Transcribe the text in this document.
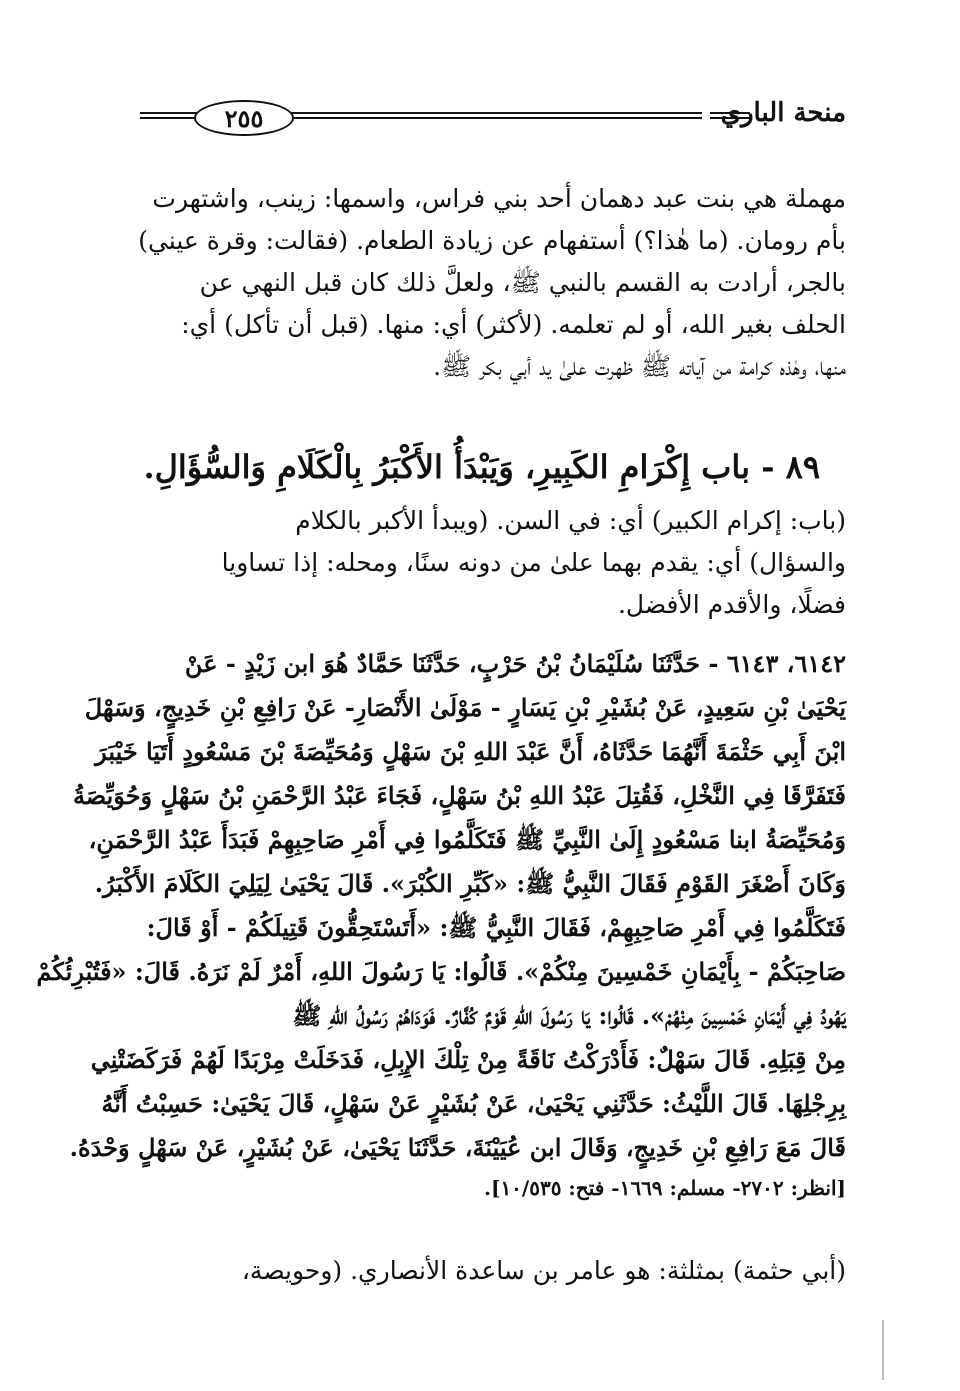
٢٥٥	منحة الباري
مهملة هي بنت عبد دهمان أحد بني فراس، واسمها: زينب، واشتهرت
بأم رومان. (ما هٰذا؟) أستفهام عن زيادة الطعام. (فقالت: وقرة عيني)
بالجر، أرادت به القسم بالنبي ﷺ، ولعلَّ ذلك كان قبل النهي عن
الحلف بغير الله، أو لم تعلمه. (لأكثر) أي: منها. (قبل أن تأكل) أي:
منها، وهٰذه كرامة من آياته ﷺ ظهرت علىٰ يد أبي بكر ﷺ.
٨٩ - باب إِكْرَامِ الكَبِيرِ، وَيَبْدَأُ الأَكْبَرُ بِالْكَلَامِ وَالسُّؤَالِ.
(باب: إكرام الكبير) أي: في السن. (ويبدأ الأكبر بالكلام
والسؤال) أي: يقدم بهما علىٰ من دونه سنًا، ومحله: إذا تساويا
فضلًا، والأقدم الأفضل.
٦١٤٢، ٦١٤٣ - حَدَّثَنَا سُلَيْمَانُ بْنُ حَرْبٍ، حَدَّثَنَا حَمَّادٌ هُوَ ابن زَيْدٍ - عَنْ
يَحْيَىٰ بْنِ سَعِيدٍ، عَنْ بُشَيْرِ بْنِ يَسَارٍ - مَوْلَىٰ الأَنْصَارِ- عَنْ رَافِعِ بْنِ خَدِيجٍ، وَسَهْلَ
ابْنَ أَبِي حَثْمَةَ أَنَّهُمَا حَدَّثَاهُ، أَنَّ عَبْدَ اللهِ بْنَ سَهْلٍ وَمُحَيِّصَةَ بْنَ مَسْعُودٍ أَتَيَا خَيْبَرَ
فَتَفَرَّقَا فِي النَّخْلِ، فَقُتِلَ عَبْدُ اللهِ بْنُ سَهْلٍ، فَجَاءَ عَبْدُ الرَّحْمَنِ بْنُ سَهْلٍ وَحُوَيِّصَةُ
وَمُحَيِّصَةُ ابنا مَسْعُودٍ إِلَىٰ النَّبِيِّ ﷺ فَتَكَلَّمُوا فِي أَمْرِ صَاحِبِهِمْ فَبَدَأَ عَبْدُ الرَّحْمَنِ،
وَكَانَ أَصْغَرَ القَوْمِ فَقَالَ النَّبِيُّ ﷺ: «كَبِّرِ الكُبْرَ». قَالَ يَحْيَىٰ لِيَلِيَ الكَلَامَ الأَكْبَرُ.
فَتَكَلَّمُوا فِي أَمْرِ صَاحِبِهِمْ، فَقَالَ النَّبِيُّ ﷺ: «أَتَسْتَحِقُّونَ قَتِيلَكُمْ - أَوْ قَالَ:
صَاحِبَكُمْ - بِأَيْمَانِ خَمْسِينَ مِنْكُمْ». قَالُوا: يَا رَسُولَ اللهِ، أَمْرٌ لَمْ نَرَهُ. قَالَ: «فَتُبْرِئُكُمْ
يَهُودُ فِي أَيْمَانِ خَمْسِينَ مِنْهُمْ». قَالُوا: يَا رَسُولَ اللهِ قَوْمٌ كُفَّارٌ. فَوَدَاهُمْ رَسُولُ اللهِ ﷺ
مِنْ قِبَلِهِ. قَالَ سَهْلٌ: فَأَدْرَكْتُ نَاقَةً مِنْ تِلْكَ الإِبِلِ، فَدَخَلَتْ مِرْبَدًا لَهُمْ فَرَكَضَتْنِي
بِرِجْلِهَا. قَالَ اللَّيْثُ: حَدَّثَنِي يَحْيَىٰ، عَنْ بُشَيْرٍ عَنْ سَهْلٍ، قَالَ يَحْيَىٰ: حَسِبْتُ أَنَّهُ
قَالَ مَعَ رَافِعِ بْنِ خَدِيجٍ، وَقَالَ ابن عُيَيْنَةَ، حَدَّثَنَا يَحْيَىٰ، عَنْ بُشَيْرٍ، عَنْ سَهْلٍ وَحْدَهُ.
[انظر: ٢٧٠٢- مسلم: ١٦٦٩- فتح: ١٠/٥٣٥].
(أبي حثمة) بمثلثة: هو عامر بن ساعدة الأنصاري. (وحويصة،
